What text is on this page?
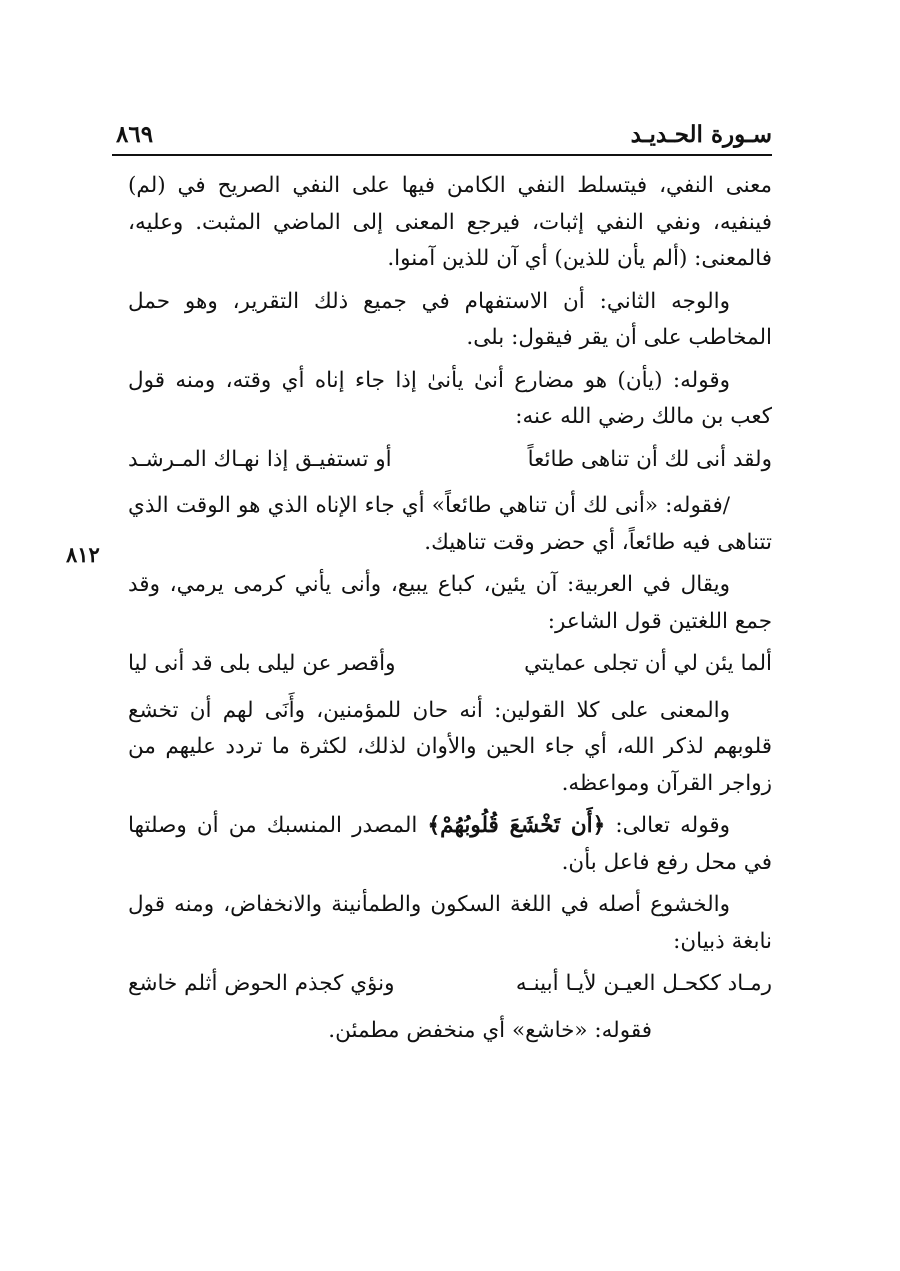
سـورة الحـديـد
٨٦٩
٨١٢

معنى النفي، فيتسلط النفي الكامن فيها على النفي الصريح في (لم) فينفيه، ونفي النفي إثبات، فيرجع المعنى إلى الماضي المثبت. وعليه، فالمعنى: (ألم يأن للذين) أي آن للذين آمنوا.

والوجه الثاني: أن الاستفهام في جميع ذلك التقرير، وهو حمل المخاطب على أن يقر فيقول: بلى.

وقوله: (يأن) هو مضارع أنىٰ يأنىٰ إذا جاء إناه أي وقته، ومنه قول كعب بن مالك رضي الله عنه:

ولقد أنى لك أن تناهى طائعاً
أو تستفيـق إذا نهـاك المـرشـد

/فقوله: «أنى لك أن تناهي طائعاً» أي جاء الإناه الذي هو الوقت الذي تتناهى فيه طائعاً، أي حضر وقت تناهيك.

ويقال في العربية: آن يئين، كباع يبيع، وأنى يأني كرمى يرمي، وقد جمع اللغتين قول الشاعر:

ألما يئن لي أن تجلى عمايتي
وأقصر عن ليلى بلى قد أنى ليا

والمعنى على كلا القولين: أنه حان للمؤمنين، وأَنَى لهم أن تخشع قلوبهم لذكر الله، أي جاء الحين والأوان لذلك، لكثرة ما تردد عليهم من زواجر القرآن ومواعظه.

وقوله تعالى: ﴿أَن تَخْشَعَ قُلُوبُهُمْ﴾ المصدر المنسبك من أن وصلتها في محل رفع فاعل بأن.

والخشوع أصله في اللغة السكون والطمأنينة والانخفاض، ومنه قول نابغة ذبيان:

رمـاد ككحـل العيـن لأيـا أبينـه
ونؤي كجذم الحوض أثلم خاشع

فقوله: «خاشع» أي منخفض مطمئن.
